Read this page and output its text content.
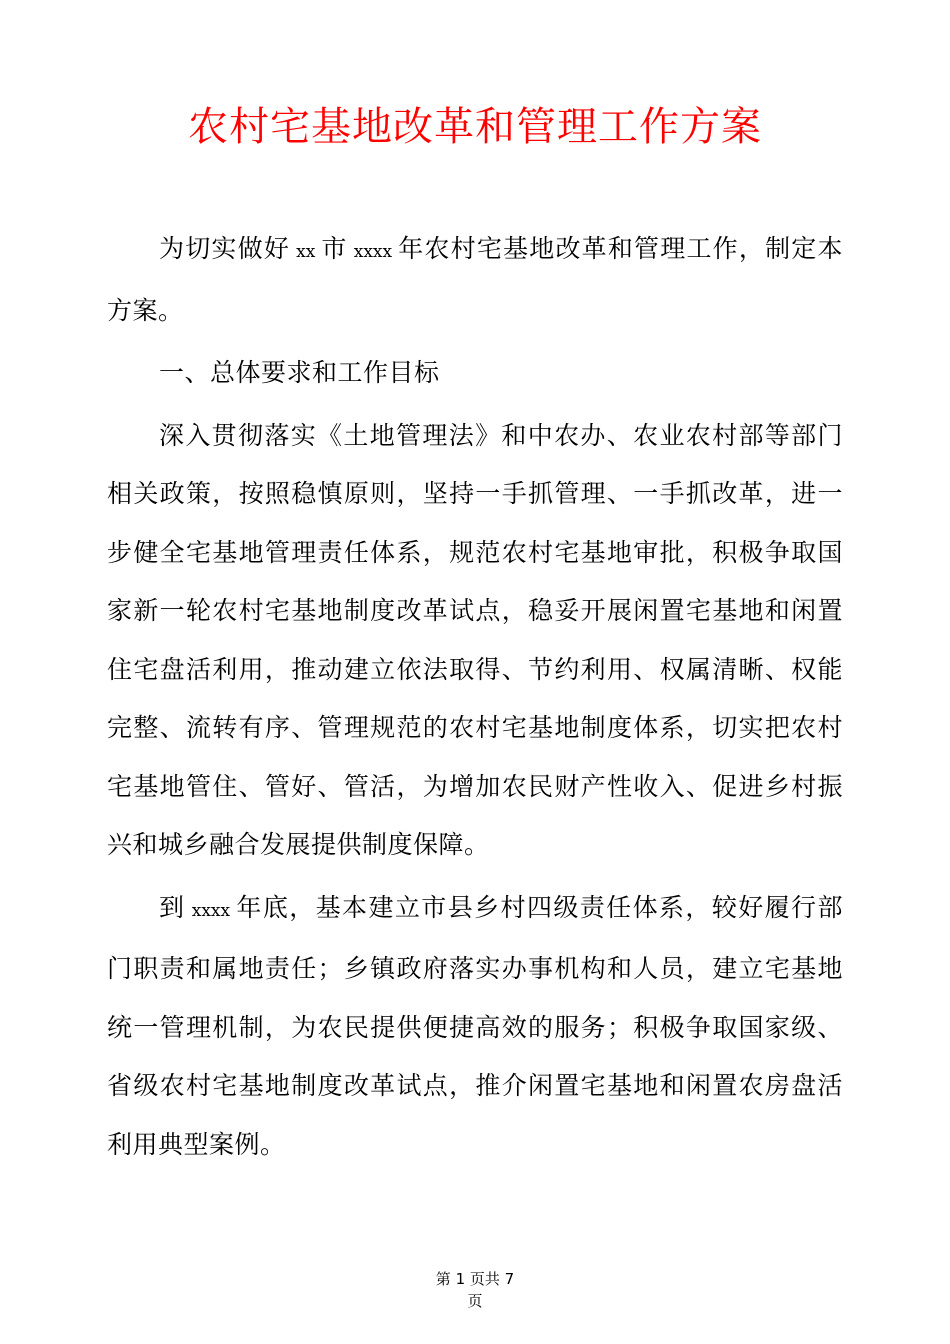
农村宅基地改革和管理工作方案

为切实做好 xx 市 xxxx 年农村宅基地改革和管理工作，制定本方案。

一、总体要求和工作目标

深入贯彻落实《土地管理法》和中农办、农业农村部等部门相关政策，按照稳慎原则，坚持一手抓管理、一手抓改革，进一步健全宅基地管理责任体系，规范农村宅基地审批，积极争取国家新一轮农村宅基地制度改革试点，稳妥开展闲置宅基地和闲置住宅盘活利用，推动建立依法取得、节约利用、权属清晰、权能完整、流转有序、管理规范的农村宅基地制度体系，切实把农村宅基地管住、管好、管活，为增加农民财产性收入、促进乡村振兴和城乡融合发展提供制度保障。

到 xxxx 年底，基本建立市县乡村四级责任体系，较好履行部门职责和属地责任；乡镇政府落实办事机构和人员，建立宅基地统一管理机制，为农民提供便捷高效的服务；积极争取国家级、省级农村宅基地制度改革试点，推介闲置宅基地和闲置农房盘活利用典型案例。

第 1 页共 7
页
